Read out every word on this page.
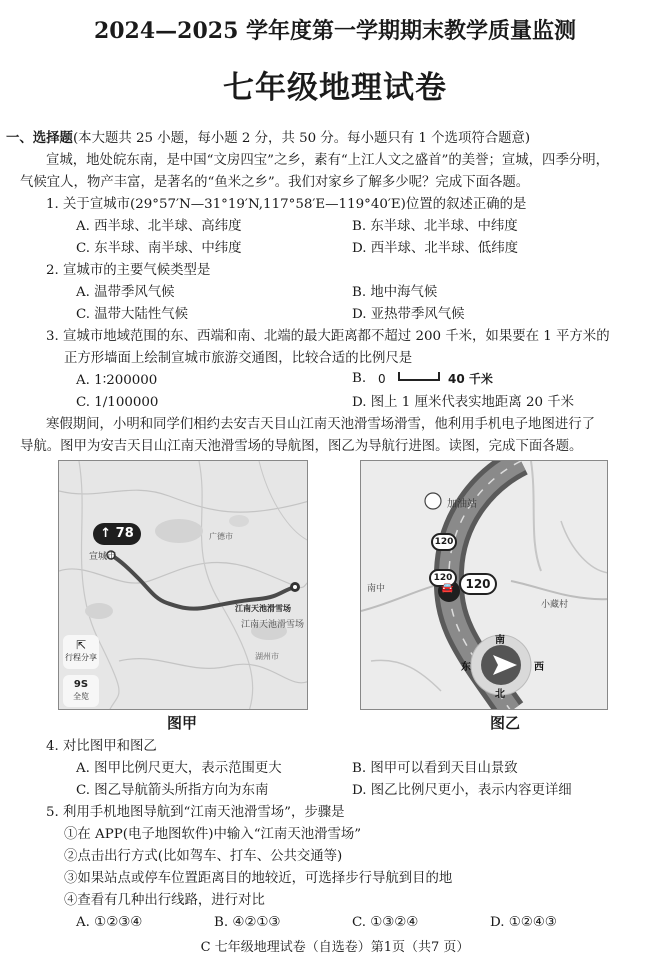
2024—2025 学年度第一学期期末教学质量监测
七年级地理试卷
一、选择题(本大题共 25 小题，每小题 2 分，共 50 分。每小题只有 1 个选项符合题意)
宣城，地处皖东南，是中国“文房四宝”之乡，素有“上江人文之盛首”的美誉；宣城，四季分明，
气候宜人，物产丰富，是著名的“鱼米之乡”。我们对家乡了解多少呢？完成下面各题。
1. 关于宣城市(29°57′N—31°19′N,117°58′E—119°40′E)位置的叙述正确的是
A. 西半球、北半球、高纬度	B. 东半球、北半球、中纬度
C. 东半球、南半球、中纬度	D. 西半球、北半球、低纬度
2. 宣城市的主要气候类型是
A. 温带季风气候	B. 地中海气候
C. 温带大陆性气候	D. 亚热带季风气候
3. 宣城市地域范围的东、西端和南、北端的最大距离都不超过 200 千米，如果要在 1 平方米的
正方形墙面上绘制宣城市旅游交通图，比较合适的比例尺是
A. 1∶200000	B. 0	40 千米
C. 1/100000	D. 图上 1 厘米代表实地距离 20 千米
寒假期间，小明和同学们相约去安吉天目山江南天池滑雪场滑雪，他利用手机电子地图进行了
导航。图甲为安吉天目山江南天池滑雪场的导航图，图乙为导航行进图。读图，完成下面各题。
↑ 78
宣城市
广德市
江南天池滑雪场
江南天池滑雪场
湖州市
⇱
行程分享
9S
全览
图甲
加油站
120
120	120
🚘
小藏村
南中
南
东	西
北
图乙
4. 对比图甲和图乙
A. 图甲比例尺更大，表示范围更大	B. 图甲可以看到天目山景致
C. 图乙导航箭头所指方向为东南	D. 图乙比例尺更小，表示内容更详细
5. 利用手机地图导航到“江南天池滑雪场”，步骤是
①在 APP(电子地图软件)中输入“江南天池滑雪场”
②点击出行方式(比如驾车、打车、公共交通等)
③如果站点或停车位置距离目的地较近，可选择步行导航到目的地
④查看有几种出行线路，进行对比
A. ①②③④	B. ④②①③	C. ①③②④	D. ①②④③
C 七年级地理试卷（自选卷）第1页（共7 页）
